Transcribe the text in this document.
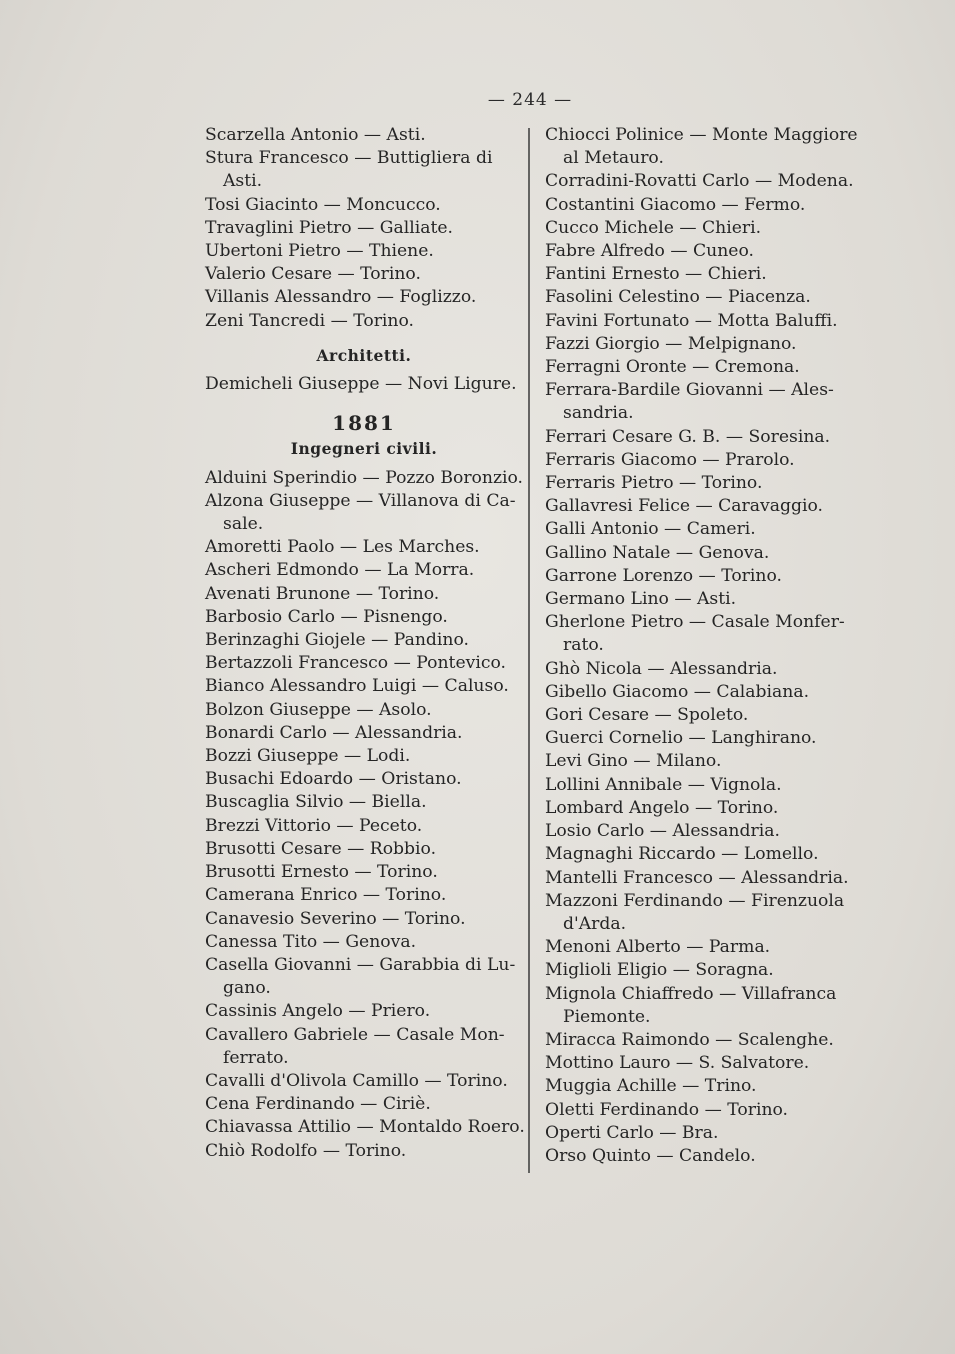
— 244 —
Scarzella Antonio — Asti.
Stura Francesco — Buttigliera di
Asti.
Tosi Giacinto — Moncucco.
Travaglini Pietro — Galliate.
Ubertoni Pietro — Thiene.
Valerio Cesare — Torino.
Villanis Alessandro — Foglizzo.
Zeni Tancredi — Torino.
Architetti.
Demicheli Giuseppe — Novi Ligure.
1881
Ingegneri civili.
Alduini Sperindio — Pozzo Boronzio.
Alzona Giuseppe — Villanova di Ca-
sale.
Amoretti Paolo — Les Marches.
Ascheri Edmondo — La Morra.
Avenati Brunone — Torino.
Barbosio Carlo — Pisnengo.
Berinzaghi Giojele — Pandino.
Bertazzoli Francesco — Pontevico.
Bianco Alessandro Luigi — Caluso.
Bolzon Giuseppe — Asolo.
Bonardi Carlo — Alessandria.
Bozzi Giuseppe — Lodi.
Busachi Edoardo — Oristano.
Buscaglia Silvio — Biella.
Brezzi Vittorio — Peceto.
Brusotti Cesare — Robbio.
Brusotti Ernesto — Torino.
Camerana Enrico — Torino.
Canavesio Severino — Torino.
Canessa Tito — Genova.
Casella Giovanni — Garabbia di Lu-
gano.
Cassinis Angelo — Priero.
Cavallero Gabriele — Casale Mon-
ferrato.
Cavalli d'Olivola Camillo — Torino.
Cena Ferdinando — Ciriè.
Chiavassa Attilio — Montaldo Roero.
Chiò Rodolfo — Torino.
Chiocci Polinice — Monte Maggiore
al Metauro.
Corradini-Rovatti Carlo — Modena.
Costantini Giacomo — Fermo.
Cucco Michele — Chieri.
Fabre Alfredo — Cuneo.
Fantini Ernesto — Chieri.
Fasolini Celestino — Piacenza.
Favini Fortunato — Motta Baluffi.
Fazzi Giorgio — Melpignano.
Ferragni Oronte — Cremona.
Ferrara-Bardile Giovanni — Ales-
sandria.
Ferrari Cesare G. B. — Soresina.
Ferraris Giacomo — Prarolo.
Ferraris Pietro — Torino.
Gallavresi Felice — Caravaggio.
Galli Antonio — Cameri.
Gallino Natale — Genova.
Garrone Lorenzo — Torino.
Germano Lino — Asti.
Gherlone Pietro — Casale Monfer-
rato.
Ghò Nicola — Alessandria.
Gibello Giacomo — Calabiana.
Gori Cesare — Spoleto.
Guerci Cornelio — Langhirano.
Levi Gino — Milano.
Lollini Annibale — Vignola.
Lombard Angelo — Torino.
Losio Carlo — Alessandria.
Magnaghi Riccardo — Lomello.
Mantelli Francesco — Alessandria.
Mazzoni Ferdinando — Firenzuola
d'Arda.
Menoni Alberto — Parma.
Miglioli Eligio — Soragna.
Mignola Chiaffredo — Villafranca
Piemonte.
Miracca Raimondo — Scalenghe.
Mottino Lauro — S. Salvatore.
Muggia Achille — Trino.
Oletti Ferdinando — Torino.
Operti Carlo — Bra.
Orso Quinto — Candelo.
